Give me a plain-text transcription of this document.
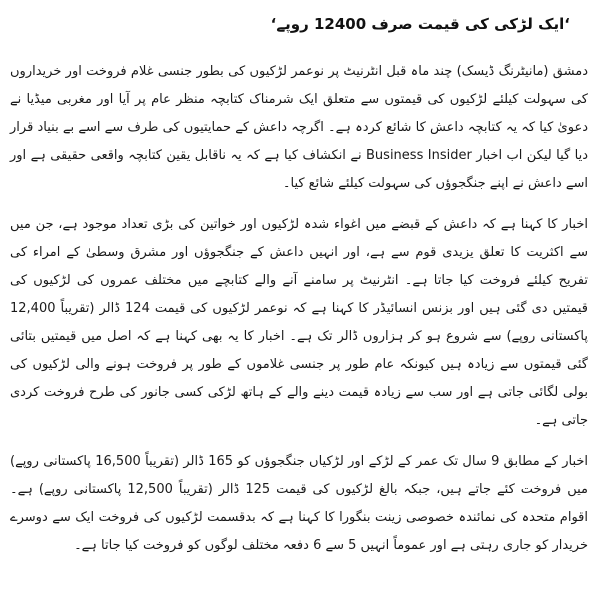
‘ایک لڑکی کی قیمت صرف 12400 روپے‘

دمشق (مانیٹرنگ ڈیسک) چند ماہ قبل انٹرنیٹ پر نوعمر لڑکیوں کی بطور جنسی غلام فروخت اور خریداروں کی سہولت کیلئے لڑکیوں کی قیمتوں سے متعلق ایک شرمناک کتابچہ منظر عام پر آیا اور مغربی میڈیا نے دعویٰ کیا کہ یہ کتابچہ داعش کا شائع کردہ ہے۔ اگرچہ داعش کے حمایتیوں کی طرف سے اسے بے بنیاد قرار دیا گیا لیکن اب اخبار Business Insider نے انکشاف کیا ہے کہ یہ ناقابل یقین کتابچہ واقعی حقیقی ہے اور اسے داعش نے اپنے جنگجوؤں کی سہولت کیلئے شائع کیا۔

اخبار کا کہنا ہے کہ داعش کے قبضے میں اغواء شدہ لڑکیوں اور خواتین کی بڑی تعداد موجود ہے، جن میں سے اکثریت کا تعلق یزیدی قوم سے ہے، اور انہیں داعش کے جنگجوؤں اور مشرق وسطیٰ کے امراء کی تفریح کیلئے فروخت کیا جاتا ہے۔ انٹرنیٹ پر سامنے آنے والے کتابچے میں مختلف عمروں کی لڑکیوں کی قیمتیں دی گئی ہیں اور بزنس انسائیڈر کا کہنا ہے کہ نوعمر لڑکیوں کی قیمت 124 ڈالر (تقریباً 12,400 پاکستانی روپے) سے شروع ہو کر ہزاروں ڈالر تک ہے۔ اخبار کا یہ بھی کہنا ہے کہ اصل میں قیمتیں بتائی گئی قیمتوں سے زیادہ ہیں کیونکہ عام طور پر جنسی غلاموں کے طور پر فروخت ہونے والی لڑکیوں کی بولی لگائی جاتی ہے اور سب سے زیادہ قیمت دینے والے کے ہاتھ لڑکی کسی جانور کی طرح فروخت کردی جاتی ہے۔

اخبار کے مطابق 9 سال تک عمر کے لڑکے اور لڑکیاں جنگجوؤں کو 165 ڈالر (تقریباً 16,500 پاکستانی روپے) میں فروخت کئے جاتے ہیں، جبکہ بالغ لڑکیوں کی قیمت 125 ڈالر (تقریباً 12,500 پاکستانی روپے) ہے۔ اقوام متحدہ کی نمائندہ خصوصی زینت بنگورا کا کہنا ہے کہ بدقسمت لڑکیوں کی فروخت ایک سے دوسرے خریدار کو جاری رہتی ہے اور عموماً انہیں 5 سے 6 دفعہ مختلف لوگوں کو فروخت کیا جاتا ہے۔
